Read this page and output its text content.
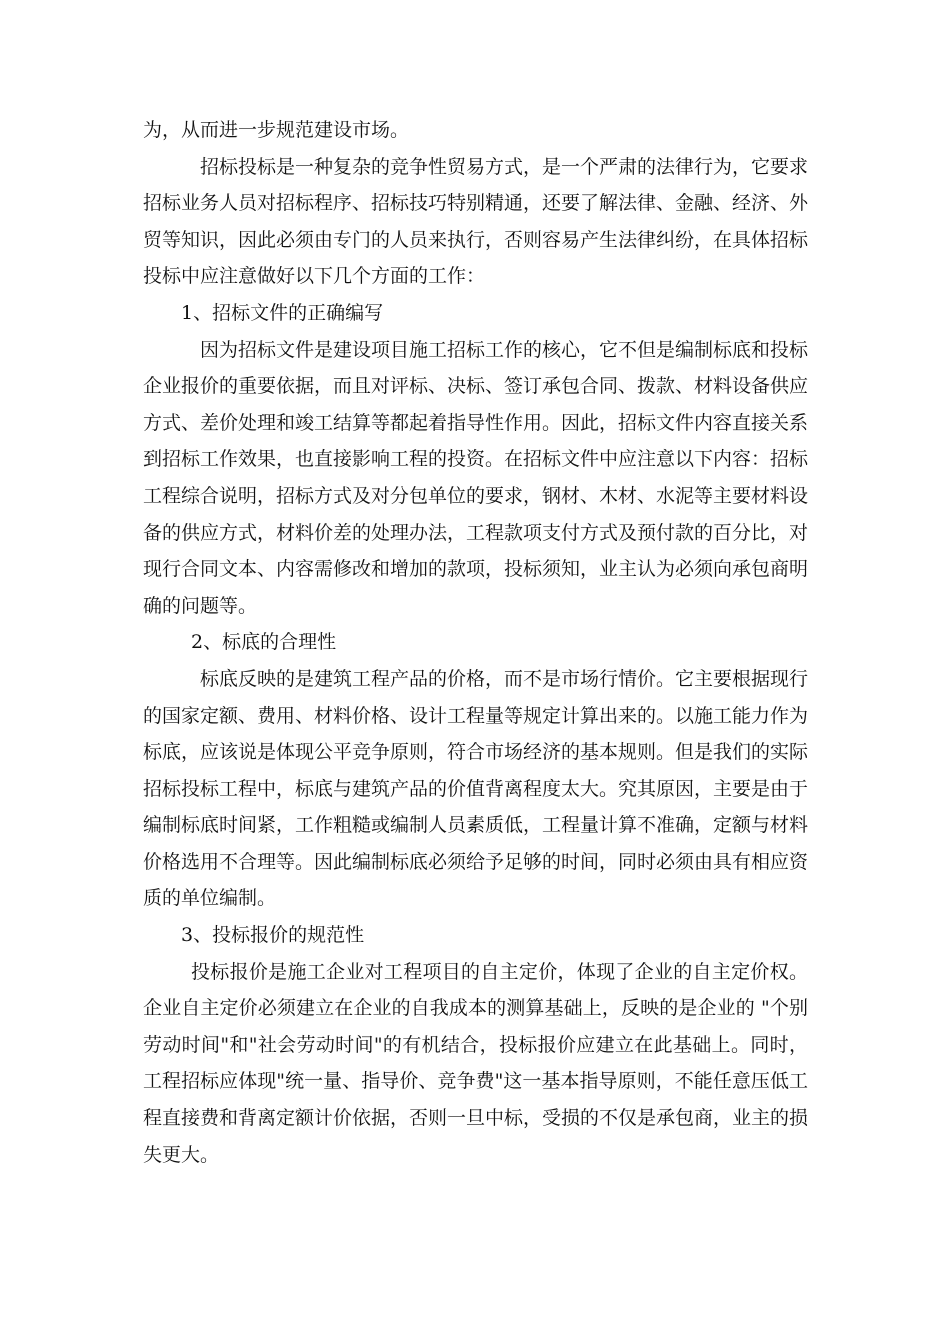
为，从而进一步规范建设市场。
招标投标是一种复杂的竞争性贸易方式，是一个严肃的法律行为，它要求
招标业务人员对招标程序、招标技巧特别精通，还要了解法律、金融、经济、外
贸等知识，因此必须由专门的人员来执行，否则容易产生法律纠纷，在具体招标
投标中应注意做好以下几个方面的工作：
1、招标文件的正确编写
因为招标文件是建设项目施工招标工作的核心，它不但是编制标底和投标
企业报价的重要依据，而且对评标、决标、签订承包合同、拨款、材料设备供应
方式、差价处理和竣工结算等都起着指导性作用。因此，招标文件内容直接关系
到招标工作效果，也直接影响工程的投资。在招标文件中应注意以下内容：招标
工程综合说明，招标方式及对分包单位的要求，钢材、木材、水泥等主要材料设
备的供应方式，材料价差的处理办法，工程款项支付方式及预付款的百分比，对
现行合同文本、内容需修改和增加的款项，投标须知，业主认为必须向承包商明
确的问题等。
2、标底的合理性
标底反映的是建筑工程产品的价格，而不是市场行情价。它主要根据现行
的国家定额、费用、材料价格、设计工程量等规定计算出来的。以施工能力作为
标底，应该说是体现公平竞争原则，符合市场经济的基本规则。但是我们的实际
招标投标工程中，标底与建筑产品的价值背离程度太大。究其原因，主要是由于
编制标底时间紧，工作粗糙或编制人员素质低，工程量计算不准确，定额与材料
价格选用不合理等。因此编制标底必须给予足够的时间，同时必须由具有相应资
质的单位编制。
3、投标报价的规范性
投标报价是施工企业对工程项目的自主定价，体现了企业的自主定价权。
企业自主定价必须建立在企业的自我成本的测算基础上，反映的是企业的 "个别
劳动时间"和"社会劳动时间"的有机结合，投标报价应建立在此基础上。同时，
工程招标应体现"统一量、指导价、竞争费"这一基本指导原则，不能任意压低工
程直接费和背离定额计价依据，否则一旦中标，受损的不仅是承包商，业主的损
失更大。
